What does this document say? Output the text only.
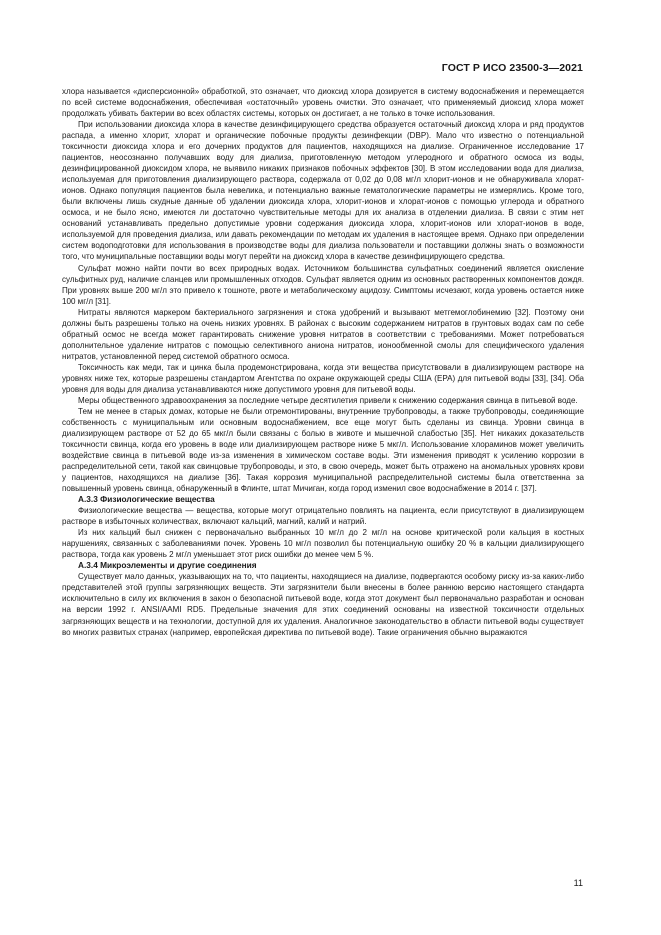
ГОСТ Р ИСО 23500-3—2021

хлора называется «дисперсионной» обработкой, это означает, что диоксид хлора дозируется в систему водоснабжения и перемещается по всей системе водоснабжения, обеспечивая «остаточный» уровень очистки. Это означает, что применяемый диоксид хлора может продолжать убивать бактерии во всех областях системы, которых он достигает, а не только в точке использования.

При использовании диоксида хлора в качестве дезинфицирующего средства образуется остаточный диоксид хлора и ряд продуктов распада, а именно хлорит, хлорат и органические побочные продукты дезинфекции (DBP). Мало что известно о потенциальной токсичности диоксида хлора и его дочерних продуктов для пациентов, находящихся на диализе. Ограниченное исследование 17 пациентов, неосознанно получавших воду для диализа, приготовленную методом углеродного и обратного осмоса из воды, дезинфицированной диоксидом хлора, не выявило никаких признаков побочных эффектов [30]. В этом исследовании вода для диализа, используемая для приготовления диализирующего раствора, содержала от 0,02 до 0,08 мг/л хлорит-ионов и не обнаруживала хлорат-ионов. Однако популяция пациентов была невелика, и потенциально важные гематологические параметры не измерялись. Кроме того, были включены лишь скудные данные об удалении диоксида хлора, хлорит-ионов и хлорат-ионов с помощью углерода и обратного осмоса, и не было ясно, имеются ли достаточно чувствительные методы для их анализа в отделении диализа. В связи с этим нет оснований устанавливать предельно допустимые уровни содержания диоксида хлора, хлорит-ионов или хлорат-ионов в воде, используемой для проведения диализа, или давать рекомендации по методам их удаления в настоящее время. Однако при определении систем водоподготовки для использования в производстве воды для диализа пользователи и поставщики должны знать о возможности того, что муниципальные поставщики воды могут перейти на диоксид хлора в качестве дезинфицирующего средства.

Сульфат можно найти почти во всех природных водах. Источником большинства сульфатных соединений является окисление сульфитных руд, наличие сланцев или промышленных отходов. Сульфат является одним из основных растворенных компонентов дождя. При уровнях выше 200 мг/л это привело к тошноте, рвоте и метаболическому ацидозу. Симптомы исчезают, когда уровень остается ниже 100 мг/л [31].

Нитраты являются маркером бактериального загрязнения и стока удобрений и вызывают метгемоглобинемию [32]. Поэтому они должны быть разрешены только на очень низких уровнях. В районах с высоким содержанием нитратов в грунтовых водах сам по себе обратный осмос не всегда может гарантировать снижение уровня нитратов в соответствии с требованиями. Может потребоваться дополнительное удаление нитратов с помощью селективного анионa нитратов, ионообменной смолы для специфического удаления нитратов, установленной перед системой обратного осмоса.

Токсичность как меди, так и цинка была продемонстрирована, когда эти вещества присутствовали в диализирующем растворе на уровнях ниже тех, которые разрешены стандартом Агентства по охране окружающей среды США (EPA) для питьевой воды [33], [34]. Оба уровня для воды для диализа устанавливаются ниже допустимого уровня для питьевой воды.

Меры общественного здравоохранения за последние четыре десятилетия привели к снижению содержания свинца в питьевой воде.

Тем не менее в старых домах, которые не были отремонтированы, внутренние трубопроводы, а также трубопроводы, соединяющие собственность с муниципальным или основным водоснабжением, все еще могут быть сделаны из свинца. Уровни свинца в диализирующем растворе от 52 до 65 мкг/л были связаны с болью в животе и мышечной слабостью [35]. Нет никаких доказательств токсичности свинца, когда его уровень в воде или диализирующем растворе ниже 5 мкг/л. Использование хлораминов может увеличить воздействие свинца в питьевой воде из-за изменения в химическом составе воды. Эти изменения приводят к усилению коррозии в распределительной сети, такой как свинцовые трубопроводы, и это, в свою очередь, может быть отражено на аномальных уровнях крови у пациентов, находящихся на диализе [36]. Такая коррозия муниципальной распределительной системы была ответственна за повышенный уровень свинца, обнаруженный в Флинте, штат Мичиган, когда город изменил свое водоснабжение в 2014 г. [37].

А.3.3 Физиологические вещества

Физиологические вещества — вещества, которые могут отрицательно повлиять на пациента, если присутствуют в диализирующем растворе в избыточных количествах, включают кальций, магний, калий и натрий.

Из них кальций был снижен с первоначально выбранных 10 мг/л до 2 мг/л на основе критической роли кальция в костных нарушениях, связанных с заболеваниями почек. Уровень 10 мг/л позволил бы потенциальную ошибку 20 % в кальции диализирующего раствора, тогда как уровень 2 мг/л уменьшает этот риск ошибки до менее чем 5 %.

А.3.4 Микроэлементы и другие соединения

Существует мало данных, указывающих на то, что пациенты, находящиеся на диализе, подвергаются особому риску из-за каких-либо представителей этой группы загрязняющих веществ. Эти загрязнители были внесены в более раннюю версию настоящего стандарта исключительно в силу их включения в закон о безопасной питьевой воде, когда этот документ был первоначально разработан и основан на версии 1992 г. ANSI/AAMI RD5. Предельные значения для этих соединений основаны на известной токсичности отдельных загрязняющих веществ и на технологии, доступной для их удаления. Аналогичное законодательство в области питьевой воды существует во многих развитых странах (например, европейская директива по питьевой воде). Такие ограничения обычно выражаются

11
